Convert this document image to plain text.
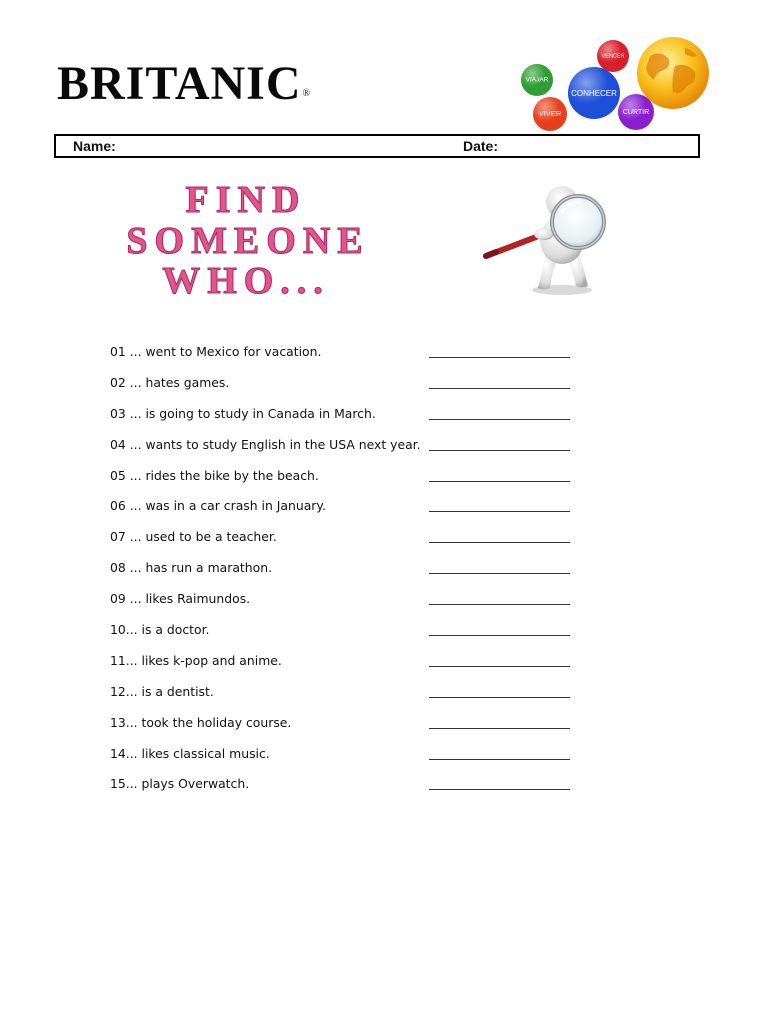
BRITANIC®
VIAJAR
VENCER
CONHECER
VIVER	CURTIR
Name:	Date:
FIND
SOMEONE
WHO...
01 ... went to Mexico for vacation.
02 ... hates games.
03 ... is going to study in Canada in March.
04 ... wants to study English in the USA next year.
05 ... rides the bike by the beach.
06 ... was in a car crash in January.
07 ... used to be a teacher.
08 ... has run a marathon.
09 ... likes Raimundos.
10... is a doctor.
11... likes k-pop and anime.
12... is a dentist.
13... took the holiday course.
14... likes classical music.
15... plays Overwatch.
